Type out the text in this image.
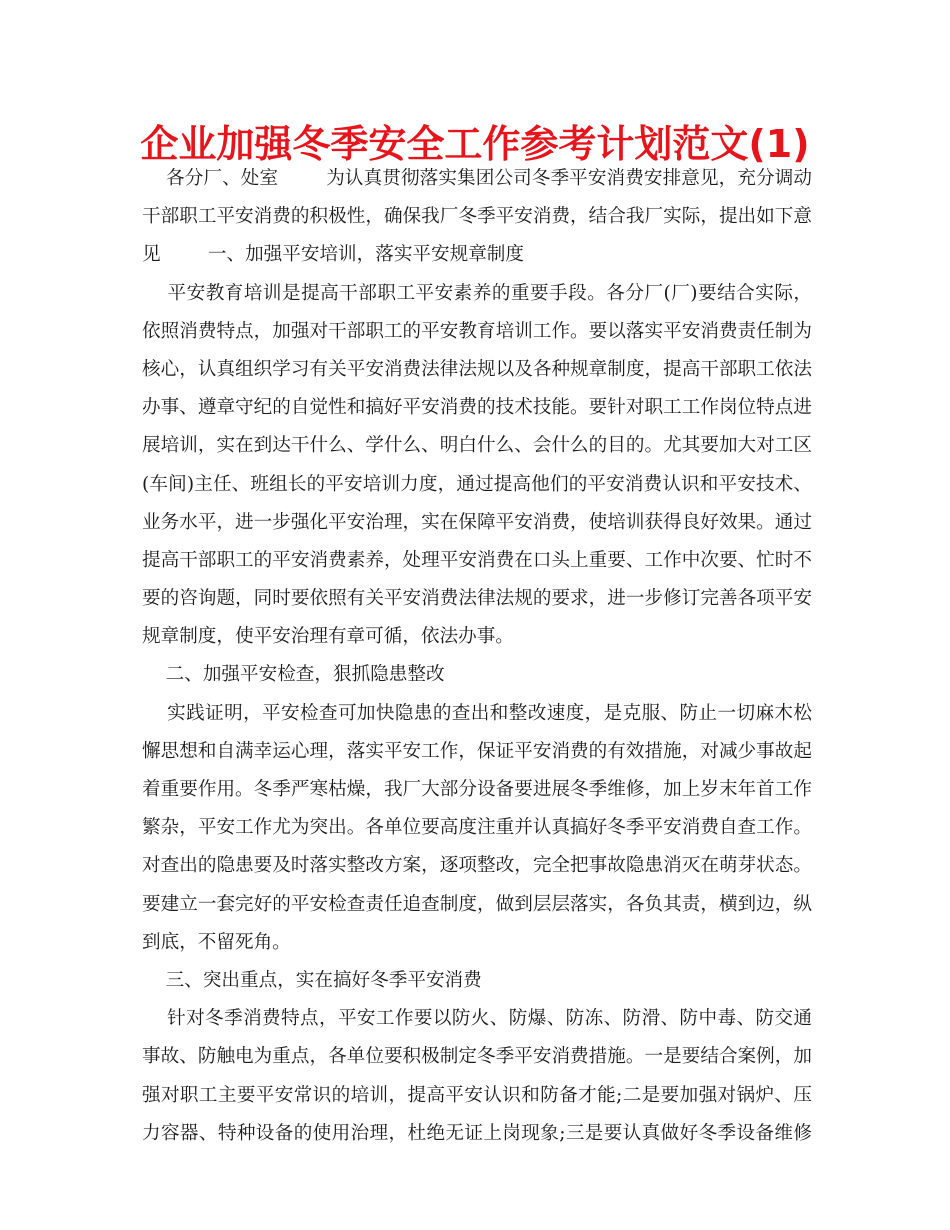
企业加强冬季安全工作参考计划范文(1)
各分厂、处室        为认真贯彻落实集团公司冬季平安消费安排意见，充分调动
干部职工平安消费的积极性，确保我厂冬季平安消费，结合我厂实际，提出如下意
见        一、加强平安培训，落实平安规章制度
平安教育培训是提高干部职工平安素养的重要手段。各分厂(厂)要结合实际，
依照消费特点，加强对干部职工的平安教育培训工作。要以落实平安消费责任制为
核心，认真组织学习有关平安消费法律法规以及各种规章制度，提高干部职工依法
办事、遵章守纪的自觉性和搞好平安消费的技术技能。要针对职工工作岗位特点进
展培训，实在到达干什么、学什么、明白什么、会什么的目的。尤其要加大对工区
(车间)主任、班组长的平安培训力度，通过提高他们的平安消费认识和平安技术、
业务水平，进一步强化平安治理，实在保障平安消费，使培训获得良好效果。通过
提高干部职工的平安消费素养，处理平安消费在口头上重要、工作中次要、忙时不
要的咨询题，同时要依照有关平安消费法律法规的要求，进一步修订完善各项平安
规章制度，使平安治理有章可循，依法办事。
二、加强平安检查，狠抓隐患整改
实践证明，平安检查可加快隐患的查出和整改速度，是克服、防止一切麻木松
懈思想和自满幸运心理，落实平安工作，保证平安消费的有效措施，对减少事故起
着重要作用。冬季严寒枯燥，我厂大部分设备要进展冬季维修，加上岁末年首工作
繁杂，平安工作尤为突出。各单位要高度注重并认真搞好冬季平安消费自查工作。
对查出的隐患要及时落实整改方案，逐项整改，完全把事故隐患消灭在萌芽状态。
要建立一套完好的平安检查责任追查制度，做到层层落实，各负其责，横到边，纵
到底，不留死角。
三、突出重点，实在搞好冬季平安消费
针对冬季消费特点，平安工作要以防火、防爆、防冻、防滑、防中毒、防交通
事故、防触电为重点，各单位要积极制定冬季平安消费措施。一是要结合案例，加
强对职工主要平安常识的培训，提高平安认识和防备才能;二是要加强对锅炉、压
力容器、特种设备的使用治理，杜绝无证上岗现象;三是要认真做好冬季设备维修
